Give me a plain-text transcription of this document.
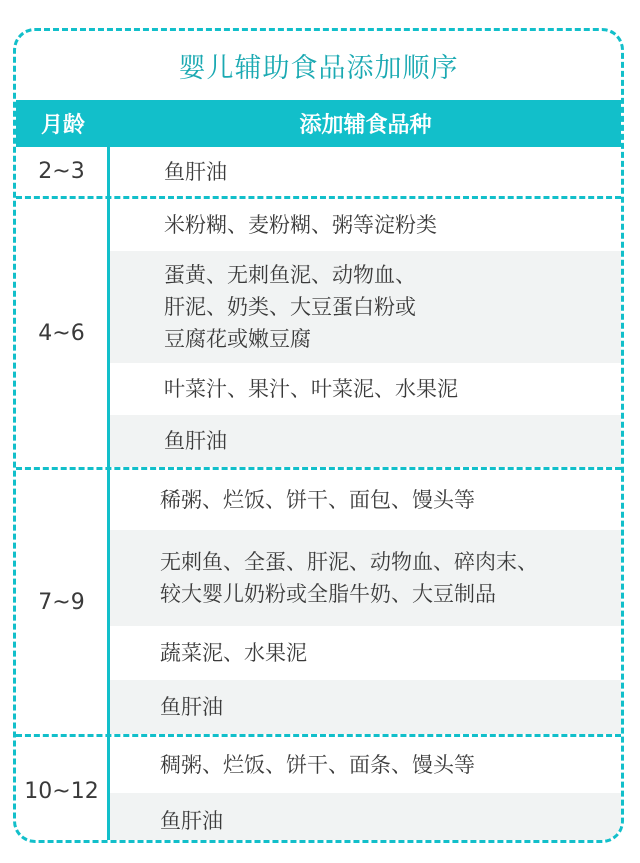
婴儿辅助食品添加顺序
月龄	添加辅食品种
2~3	鱼肝油
4~6
米粉糊、麦粉糊、粥等淀粉类
蛋黄、无刺鱼泥、动物血、
肝泥、奶类、大豆蛋白粉或
豆腐花或嫩豆腐
叶菜汁、果汁、叶菜泥、水果泥
鱼肝油
7~9
稀粥、烂饭、饼干、面包、馒头等
无刺鱼、全蛋、肝泥、动物血、碎肉末、
较大婴儿奶粉或全脂牛奶、大豆制品
蔬菜泥、水果泥
鱼肝油
10~12
稠粥、烂饭、饼干、面条、馒头等
鱼肝油
